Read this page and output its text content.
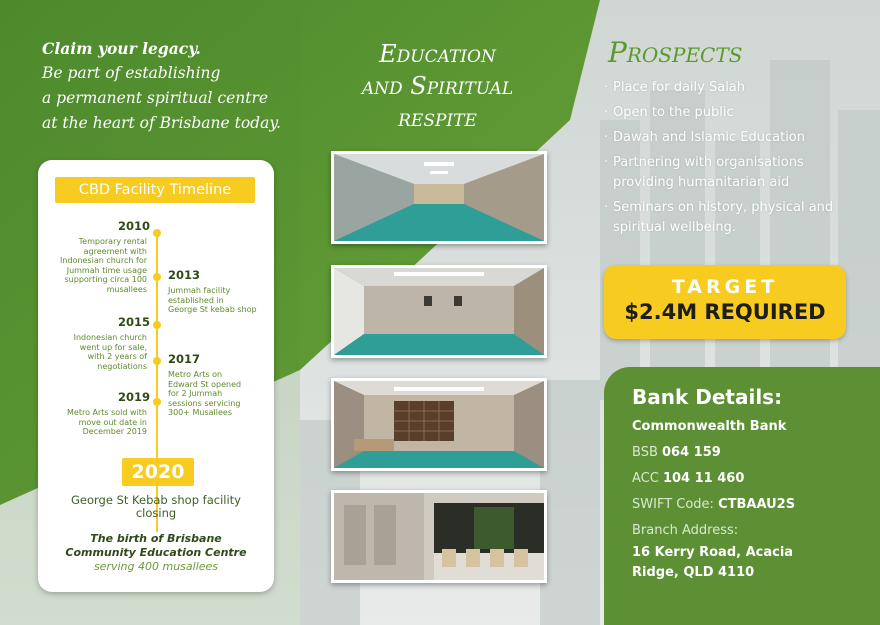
Claim your legacy.
Be part of establishing
a permanent spiritual centre
at the heart of Brisbane today.
CBD Facility Timeline
2010
Temporary rental
agreement with
Indonesian church for
Jummah time usage
supporting circa 100
musallees
2013
Jummah facility
established in
George St kebab shop
2015
Indonesian church
went up for sale,
with 2 years of
negotiations
2017
Metro Arts on
Edward St opened
for 2 Jummah
sessions servicing
300+ Musallees
2019
Metro Arts sold with
move out date in
December 2019
2020
George St Kebab shop facility
closing
The birth of Brisbane
Community Education Centre
serving 400 musallees
Education
and Spiritual
respite
Prospects
· Place for daily Salah
· Open to the public
· Dawah and Islamic Education
· Partnering with organisations providing humanitarian aid
· Seminars on history, physical and spiritual wellbeing.
TARGET
$2.4M REQUIRED
Bank Details:
Commonwealth Bank
BSB 064 159
ACC 104 11 460
SWIFT Code: CTBAAU2S
Branch Address:
16 Kerry Road, Acacia
Ridge, QLD 4110
